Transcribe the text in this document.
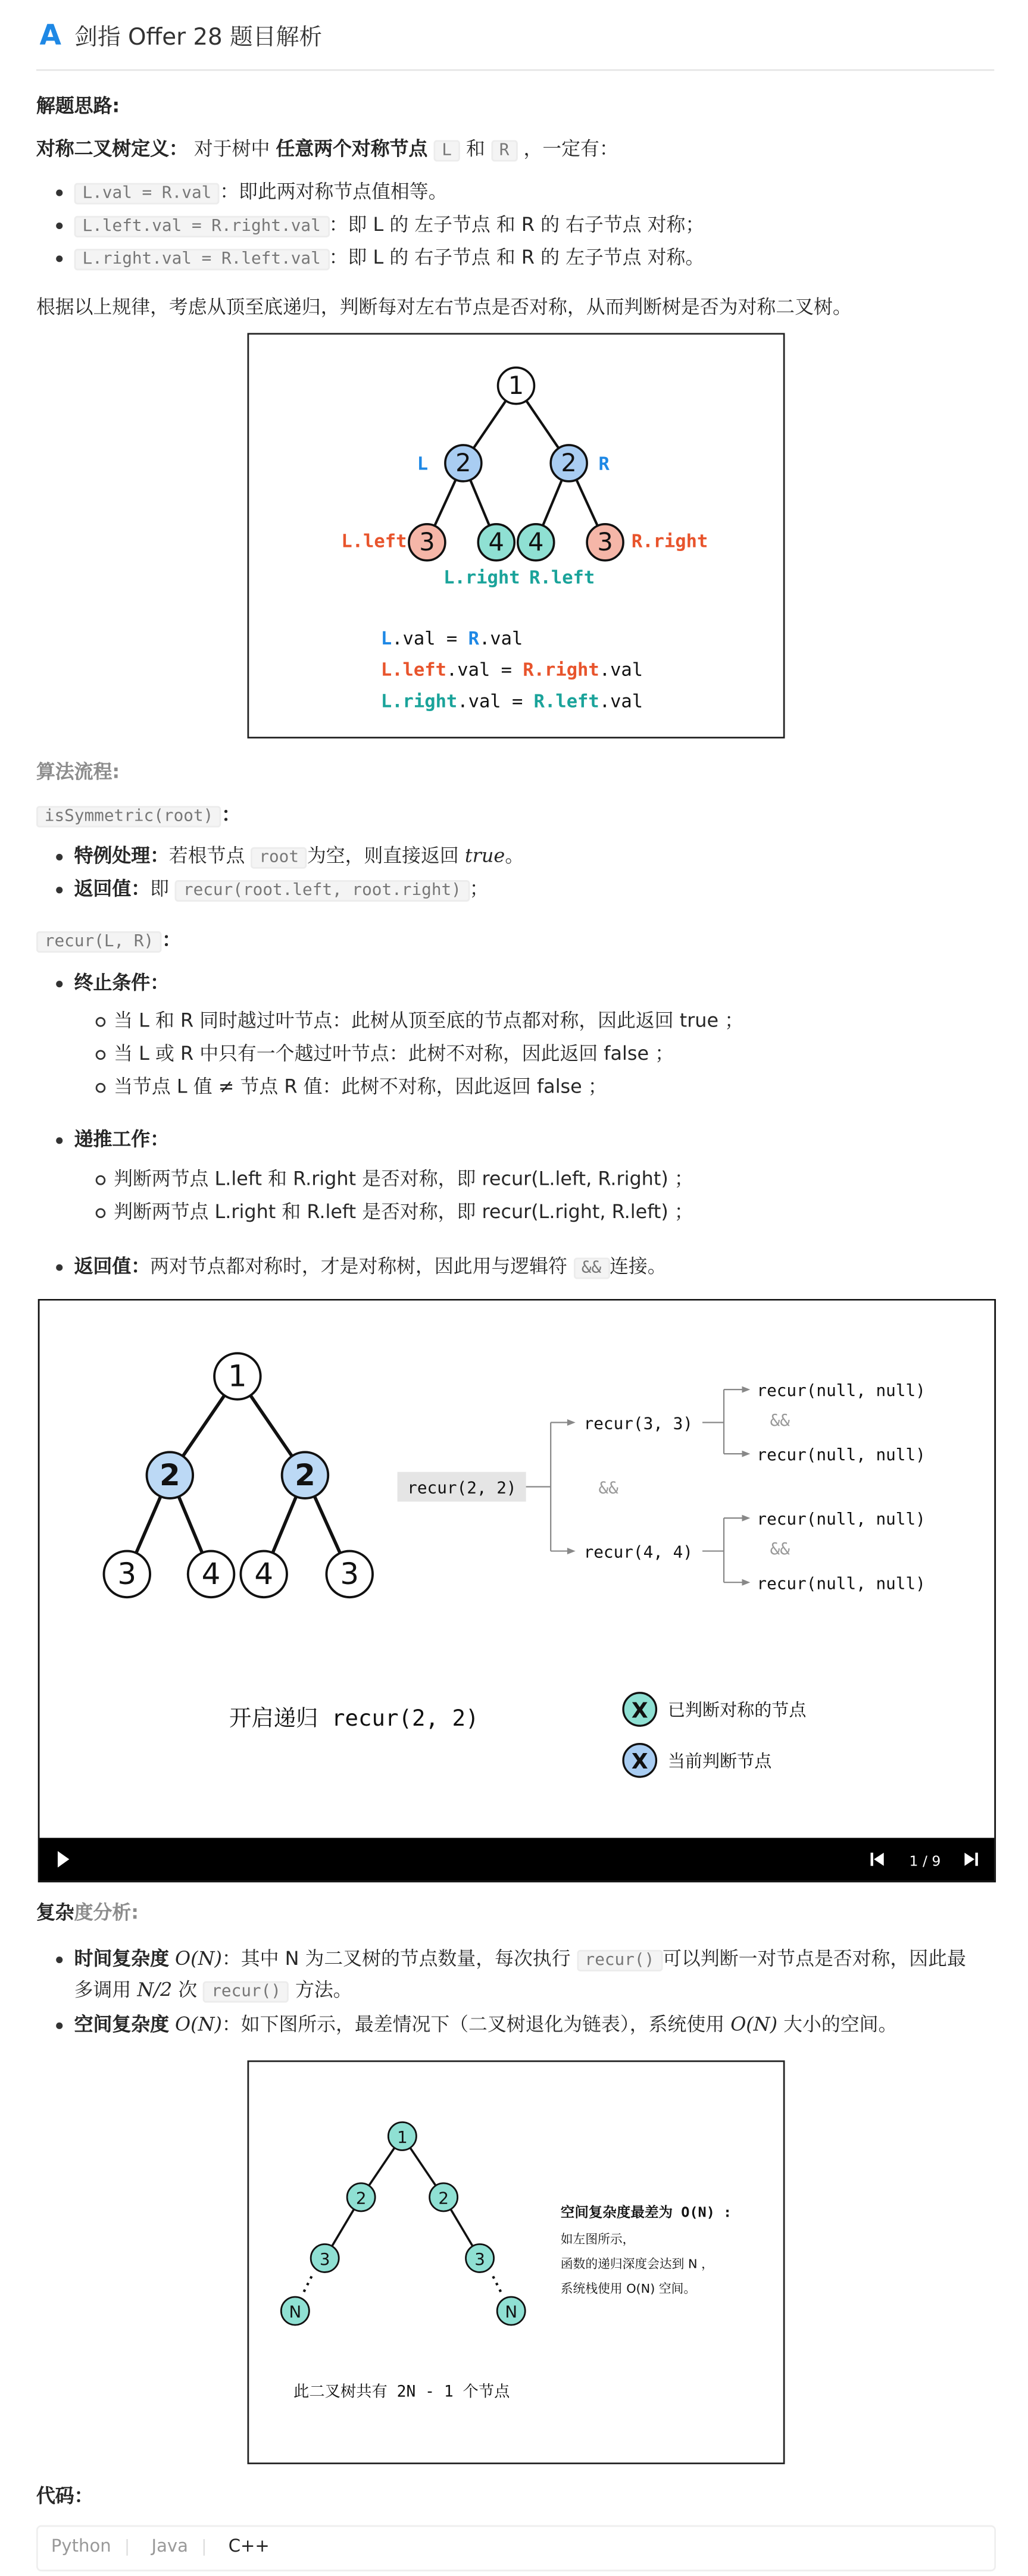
A 剑指 Offer 28 题目解析
解题思路:
对称二叉树定义： 对于树中 任意两个对称节点 L 和 R ，一定有：
L.val = R.val ：即此两对称节点值相等。
L.left.val = R.right.val ：即 L 的 左子节点 和 R 的 右子节点 对称；
L.right.val = R.left.val ：即 L 的 右子节点 和 R 的 左子节点 对称。
根据以上规律，考虑从顶至底递归，判断每对左右节点是否对称，从而判断树是否为对称二叉树。
1
2	2
3	4	4	3
L	R
L.left	R.right
L.right R.left
L.val = R.val
L.left.val = R.right.val
L.right.val = R.left.val
算法流程:
isSymmetric(root) ：
特例处理：若根节点 root 为空，则直接返回 true。
返回值：即 recur(root.left, root.right) ；
recur(L, R) ：
终止条件：
当 L 和 R 同时越过叶节点：此树从顶至底的节点都对称，因此返回 true ；
当 L 或 R 中只有一个越过叶节点：此树不对称，因此返回 false ；
当节点 L 值 ≠ 节点 R 值：此树不对称，因此返回 false ；
递推工作：
判断两节点 L.left 和 R.right 是否对称，即 recur(L.left, R.right) ；
判断两节点 L.right 和 R.left 是否对称，即 recur(L.right, R.left) ；
返回值：两对节点都对称时，才是对称树，因此用与逻辑符 && 连接。
1
2	2
3	4	4	3
recur(2, 2)	&&
recur(3, 3)
recur(4, 4)
&&
&&
recur(null, null)
recur(null, null)
recur(null, null)
recur(null, null)
开启递归 recur(2, 2)	X	已判断对称的节点
X	当前判断节点
1 / 9
复杂度分析:
时间复杂度 O(N)：其中 N 为二叉树的节点数量，每次执行 recur() 可以判断一对节点是否对称，因此最
多调用 N/2 次 recur() 方法。
空间复杂度 O(N)：如下图所示，最差情况下（二叉树退化为链表），系统使用 O(N) 大小的空间。
1
2	2
3	3
N	N
空间复杂度最差为 O(N) :
如左图所示，
函数的递归深度会达到 N ，
系统栈使用 O(N) 空间。
此二叉树共有 2N - 1 个节点
代码：
Python |	Java |	C++
